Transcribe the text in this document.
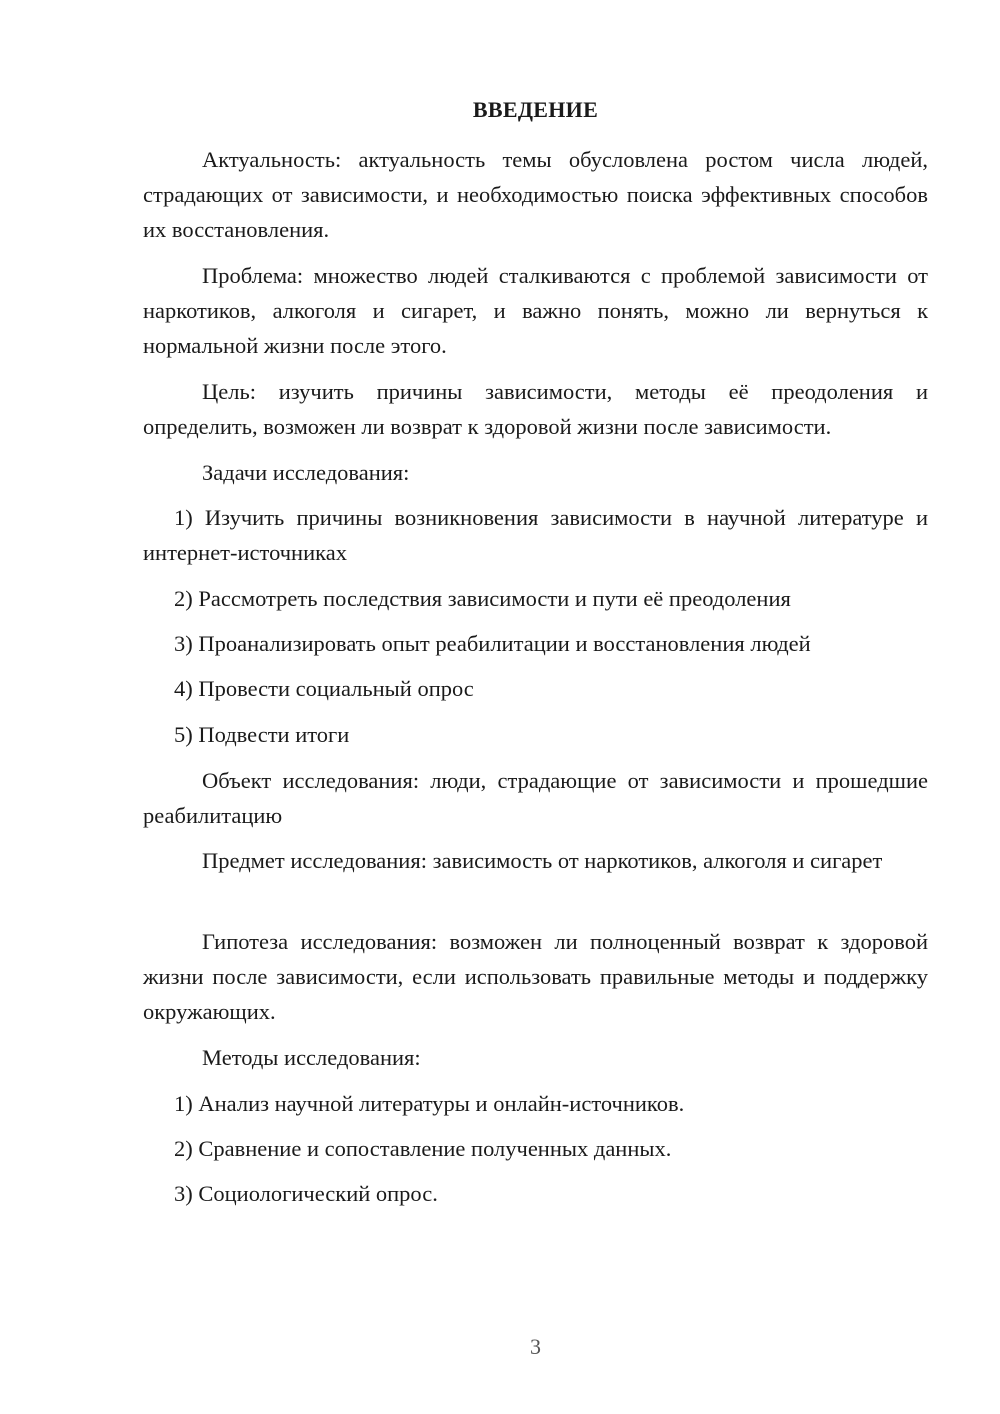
ВВЕДЕНИЕ

Актуальность: актуальность темы обусловлена ростом числа людей, страдающих от зависимости, и необходимостью поиска эффективных способов их восстановления.

Проблема: множество людей сталкиваются с проблемой зависимости от наркотиков, алкоголя и сигарет, и важно понять, можно ли вернуться к нормальной жизни после этого.

Цель: изучить причины зависимости, методы её преодоления и определить, возможен ли возврат к здоровой жизни после зависимости.

Задачи исследования:

1) Изучить причины возникновения зависимости в научной литературе и интернет-источниках

2) Рассмотреть последствия зависимости и пути её преодоления

3) Проанализировать опыт реабилитации и восстановления людей

4) Провести социальный опрос

5) Подвести итоги

Объект исследования: люди, страдающие от зависимости и прошедшие реабилитацию

Предмет исследования: зависимость от наркотиков, алкоголя и сигарет

Гипотеза исследования: возможен ли полноценный возврат к здоровой жизни после зависимости, если использовать правильные методы и поддержку окружающих.

Методы исследования:

1) Анализ научной литературы и онлайн-источников.

2) Сравнение и сопоставление полученных данных.

3) Социологический опрос.

3
